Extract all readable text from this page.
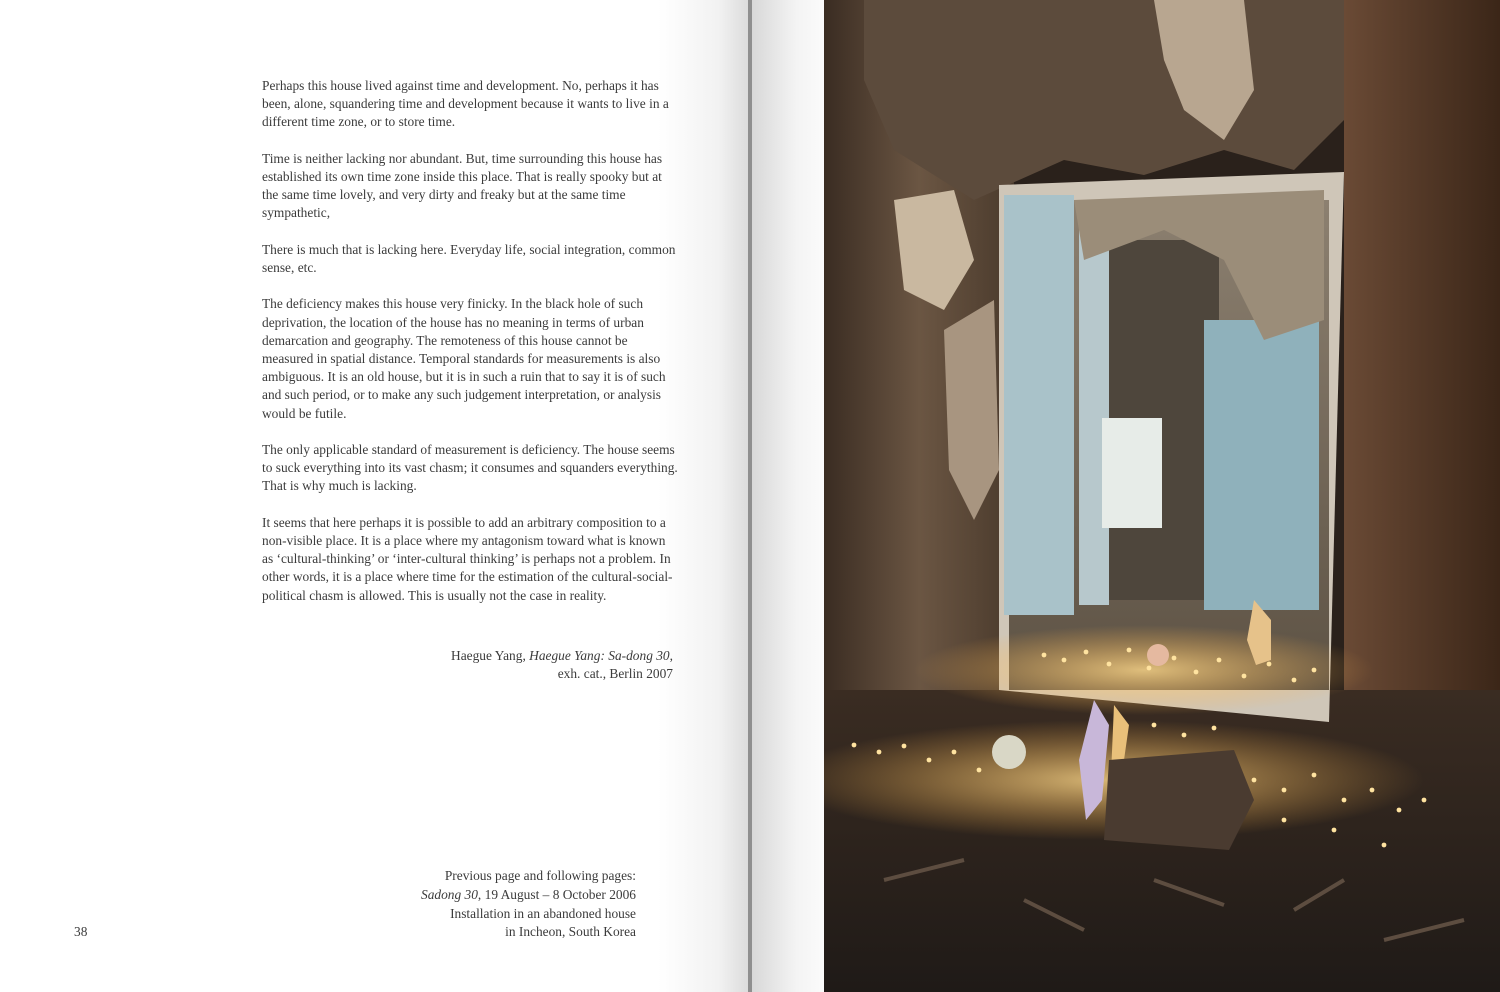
Perhaps this house lived against time and development. No, perhaps it has been, alone, squandering time and development because it wants to live in a different time zone, or to store time.

Time is neither lacking nor abundant. But, time surrounding this house has established its own time zone inside this place. That is really spooky but at the same time lovely, and very dirty and freaky but at the same time sympathetic,

There is much that is lacking here. Everyday life, social integration, common sense, etc.

The deficiency makes this house very finicky. In the black hole of such deprivation, the location of the house has no meaning in terms of urban demarcation and geography. The remoteness of this house cannot be measured in spatial distance. Temporal standards for measurements is also ambiguous. It is an old house, but it is in such a ruin that to say it is of such and such period, or to make any such judgement interpretation, or analysis would be futile.

The only applicable standard of measurement is deficiency. The house seems to suck everything into its vast chasm; it consumes and squanders everything. That is why much is lacking.

It seems that here perhaps it is possible to add an arbitrary composition to a non-visible place. It is a place where my antagonism toward what is known as ‘cultural-thinking’ or ‘inter-cultural thinking’ is perhaps not a problem. In other words, it is a place where time for the estimation of the cultural-social-political chasm is allowed. This is usually not the case in reality.

Haegue Yang, Haegue Yang: Sa-dong 30,
exh. cat., Berlin 2007
Previous page and following pages:
Sadong 30, 19 August – 8 October 2006
Installation in an abandoned house
in Incheon, South Korea
38
